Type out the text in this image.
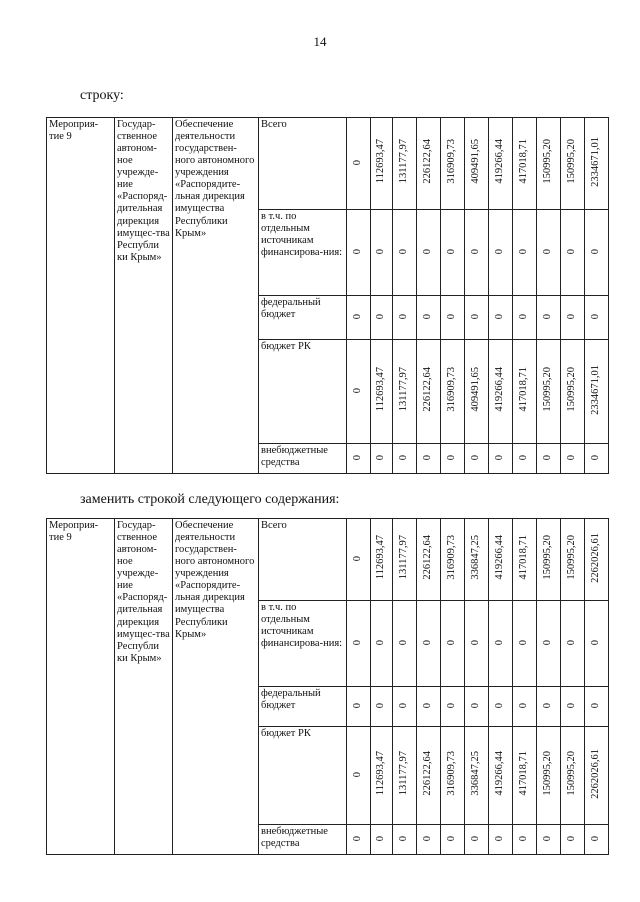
14
строку:
Мероприя-тие 9	Государ-ственное автоном-ное учрежде-ние «Распоряд-дительная дирекция имущес-тва Республи ки Крым»	Обеспечение деятельности государствен-ного автономного учреждения «Распорядите-льная дирекция имущества Республики Крым»	Всего	0	112693,47	131177,97	226122,64	316909,73	409491,65	419266,44	417018,71	150995,20	150995,20	2334671,01
			в т.ч. по отдельным источникам финансирова-ния:	0	0	0	0	0	0	0	0	0	0	0
			федеральный бюджет	0	0	0	0	0	0	0	0	0	0	0
			бюджет РК	0	112693,47	131177,97	226122,64	316909,73	409491,65	419266,44	417018,71	150995,20	150995,20	2334671,01
			внебюджетные средства	0	0	0	0	0	0	0	0	0	0	0
заменить строкой следующего содержания:
Мероприя-тие 9	Государ-ственное автоном-ное учрежде-ние «Распоряд-дительная дирекция имущес-тва Республи ки Крым»	Обеспечение деятельности государствен-ного автономного учреждения «Распорядите-льная дирекция имущества Республики Крым»	Всего	0	112693,47	131177,97	226122,64	316909,73	336847,25	419266,44	417018,71	150995,20	150995,20	2262026,61
			в т.ч. по отдельным источникам финансирова-ния:	0	0	0	0	0	0	0	0	0	0	0
			федеральный бюджет	0	0	0	0	0	0	0	0	0	0	0
			бюджет РК	0	112693,47	131177,97	226122,64	316909,73	336847,25	419266,44	417018,71	150995,20	150995,20	2262026,61
			внебюджетные средства	0	0	0	0	0	0	0	0	0	0	0
